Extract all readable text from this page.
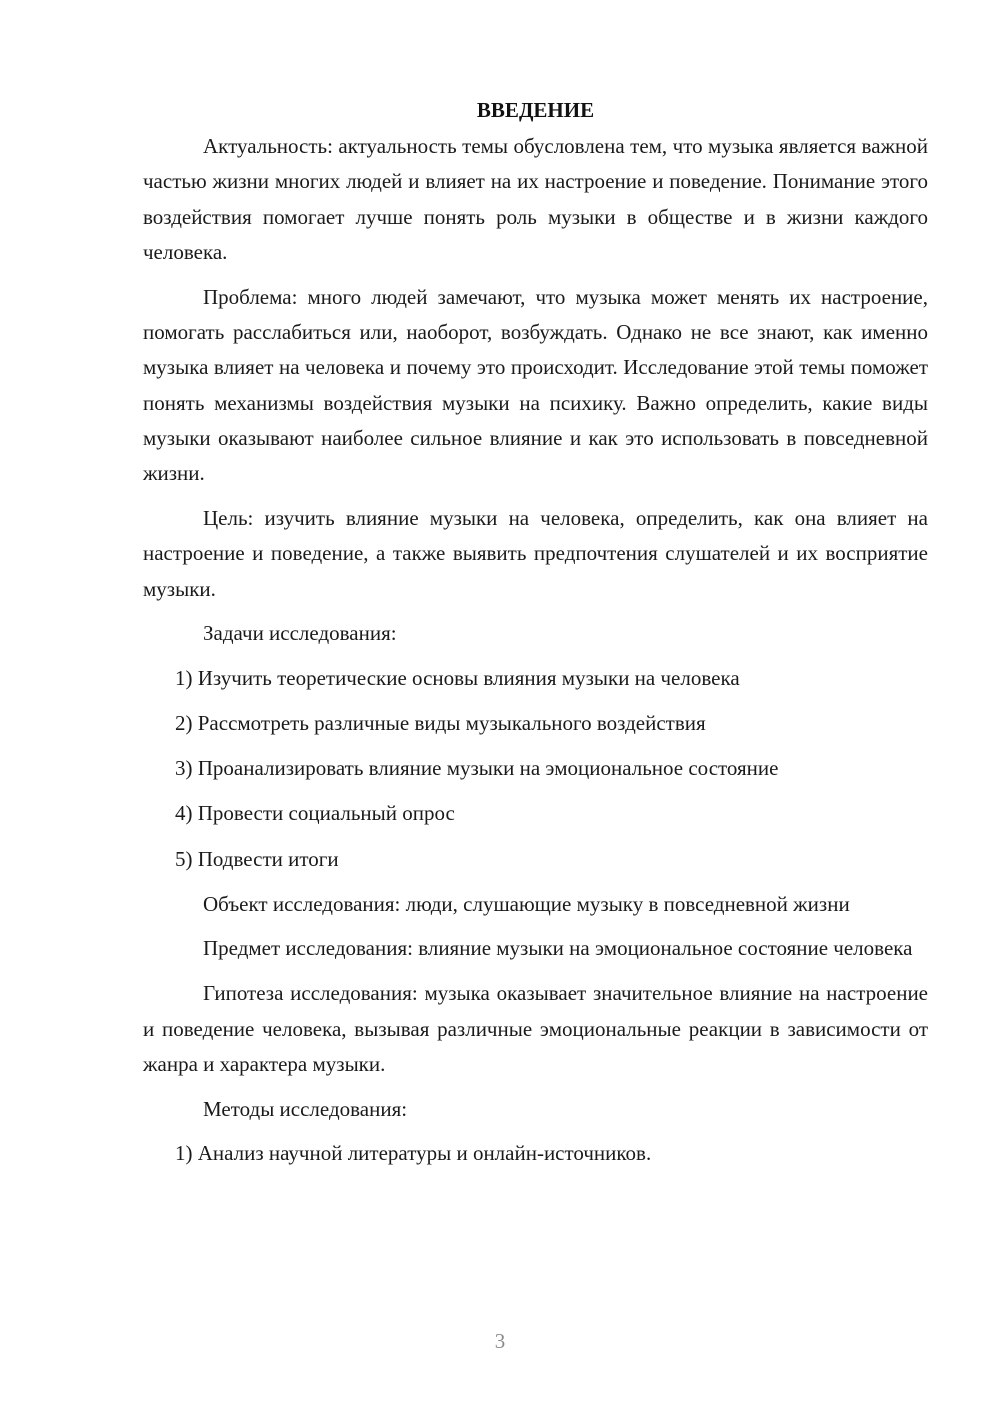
ВВЕДЕНИЕ

Актуальность: актуальность темы обусловлена тем, что музыка является важной частью жизни многих людей и влияет на их настроение и поведение. Понимание этого воздействия помогает лучше понять роль музыки в обществе и в жизни каждого человека.

Проблема: много людей замечают, что музыка может менять их настроение, помогать расслабиться или, наоборот, возбуждать. Однако не все знают, как именно музыка влияет на человека и почему это происходит. Исследование этой темы поможет понять механизмы воздействия музыки на психику. Важно определить, какие виды музыки оказывают наиболее сильное влияние и как это использовать в повседневной жизни.

Цель: изучить влияние музыки на человека, определить, как она влияет на настроение и поведение, а также выявить предпочтения слушателей и их восприятие музыки.

Задачи исследования:

1) Изучить теоретические основы влияния музыки на человека
2) Рассмотреть различные виды музыкального воздействия
3) Проанализировать влияние музыки на эмоциональное состояние
4) Провести социальный опрос
5) Подвести итоги

Объект исследования: люди, слушающие музыку в повседневной жизни

Предмет исследования: влияние музыки на эмоциональное состояние человека

Гипотеза исследования: музыка оказывает значительное влияние на настроение и поведение человека, вызывая различные эмоциональные реакции в зависимости от жанра и характера музыки.

Методы исследования:

1) Анализ научной литературы и онлайн-источников.
3
